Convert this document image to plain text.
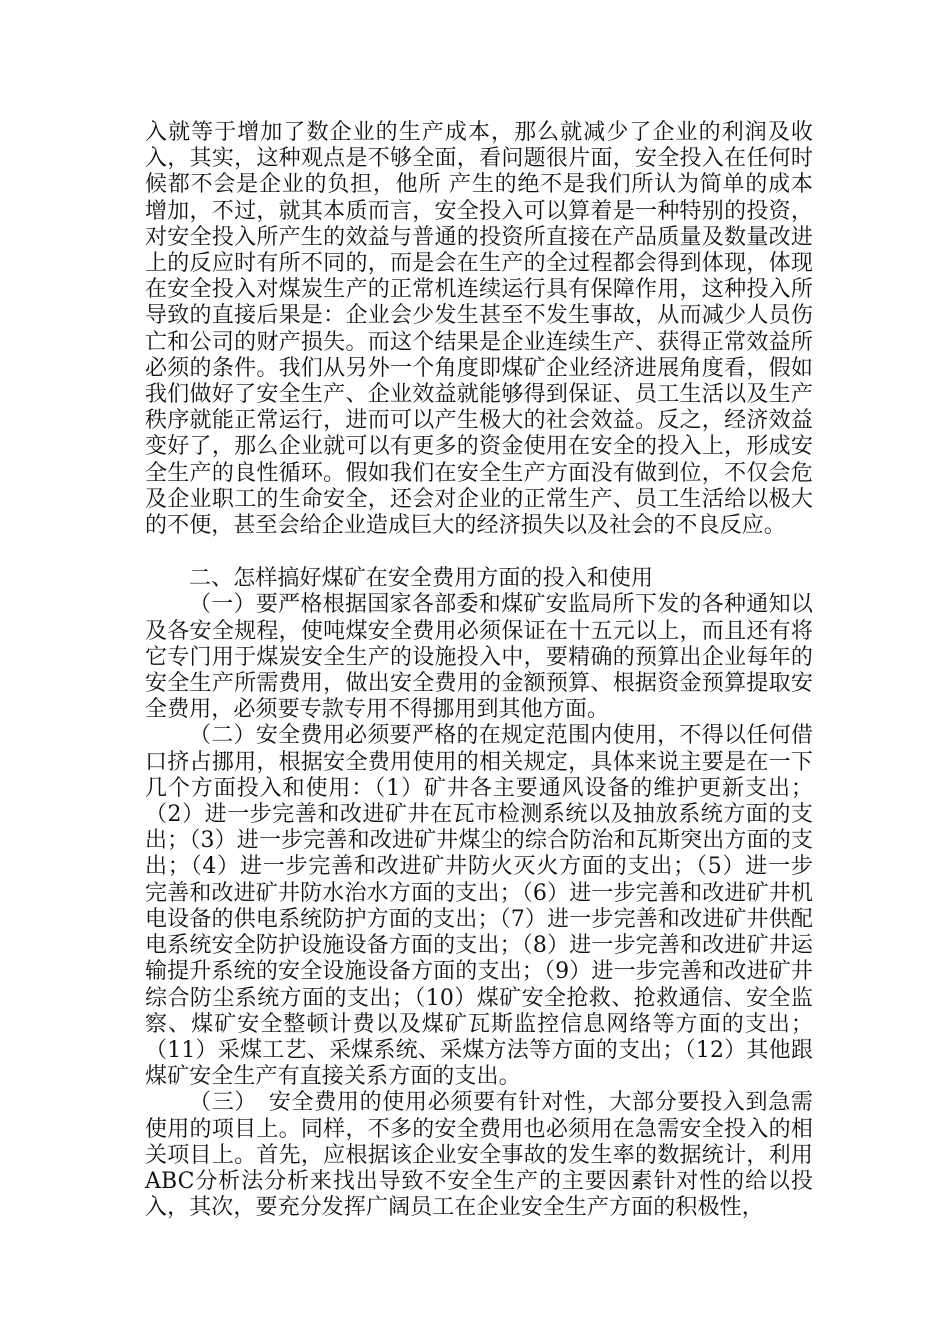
入就等于增加了数企业的生产成本，那么就减少了企业的利润及收入，其实，这种观点是不够全面，看问题很片面，安全投入在任何时候都不会是企业的负担，他所 产生的绝不是我们所认为简单的成本增加，不过，就其本质而言，安全投入可以算着是一种特别的投资，对安全投入所产生的效益与普通的投资所直接在产品质量及数量改进上的反应时有所不同的，而是会在生产的全过程都会得到体现，体现在安全投入对煤炭生产的正常机连续运行具有保障作用，这种投入所导致的直接后果是：企业会少发生甚至不发生事故，从而减少人员伤亡和公司的财产损失。而这个结果是企业连续生产、获得正常效益所必须的条件。我们从另外一个角度即煤矿企业经济进展角度看，假如我们做好了安全生产、企业效益就能够得到保证、员工生活以及生产秩序就能正常运行，进而可以产生极大的社会效益。反之，经济效益变好了，那么企业就可以有更多的资金使用在安全的投入上，形成安全生产的良性循环。假如我们在安全生产方面没有做到位，不仅会危及企业职工的生命安全，还会对企业的正常生产、员工生活给以极大的不便，甚至会给企业造成巨大的经济损失以及社会的不良反应。

二、怎样搞好煤矿在安全费用方面的投入和使用

（一）要严格根据国家各部委和煤矿安监局所下发的各种通知以及各安全规程，使吨煤安全费用必须保证在十五元以上，而且还有将它专门用于煤炭安全生产的设施投入中，要精确的预算出企业每年的安全生产所需费用，做出安全费用的金额预算、根据资金预算提取安全费用，必须要专款专用不得挪用到其他方面。

（二）安全费用必须要严格的在规定范围内使用，不得以任何借口挤占挪用，根据安全费用使用的相关规定，具体来说主要是在一下几个方面投入和使用：（1）矿井各主要通风设备的维护更新支出；（2）进一步完善和改进矿井在瓦市检测系统以及抽放系统方面的支出；（3）进一步完善和改进矿井煤尘的综合防治和瓦斯突出方面的支出；（4）进一步完善和改进矿井防火灭火方面的支出；（5）进一步完善和改进矿井防水治水方面的支出；（6）进一步完善和改进矿井机电设备的供电系统防护方面的支出；（7）进一步完善和改进矿井供配电系统安全防护设施设备方面的支出；（8）进一步完善和改进矿井运输提升系统的安全设施设备方面的支出；（9）进一步完善和改进矿井综合防尘系统方面的支出；（10）煤矿安全抢救、抢救通信、安全监察、煤矿安全整顿计费以及煤矿瓦斯监控信息网络等方面的支出；（11）采煤工艺、采煤系统、采煤方法等方面的支出；（12）其他跟煤矿安全生产有直接关系方面的支出。

（三）　安全费用的使用必须要有针对性，大部分要投入到急需使用的项目上。同样，不多的安全费用也必须用在急需安全投入的相关项目上。首先，应根据该企业安全事故的发生率的数据统计，利用ABC分析法分析来找出导致不安全生产的主要因素针对性的给以投入，其次，要充分发挥广阔员工在企业安全生产方面的积极性，
